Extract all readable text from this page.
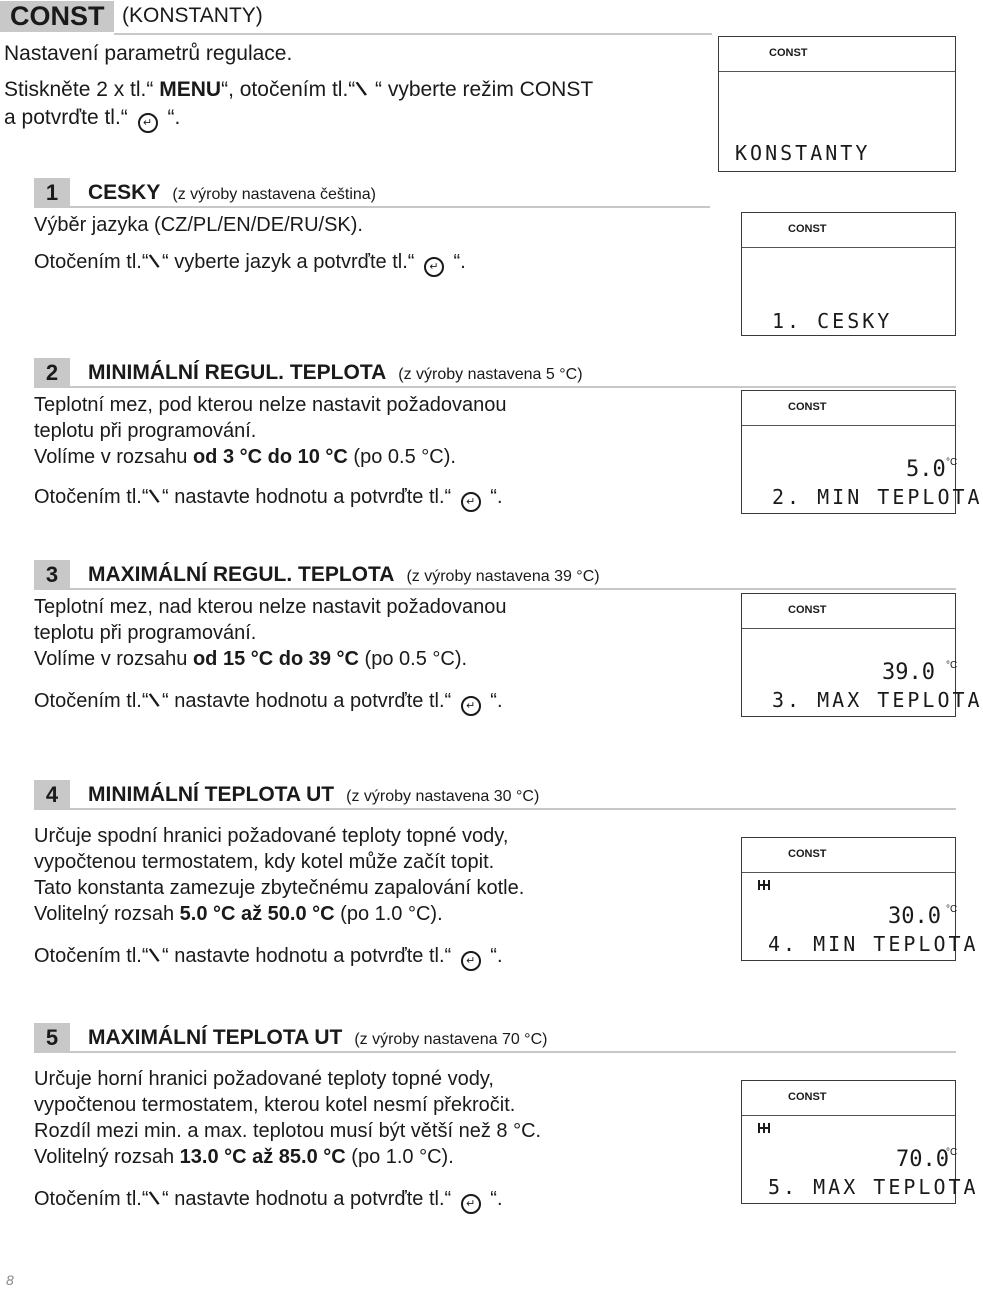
CONST (KONSTANTY)
Nastavení parametrů regulace.
Stiskněte 2 x tl.“ MENU“, otočením tl.“\ “ vyberte režim CONST
a potvrďte tl.“ ↵ “.
1	CESKY (z výroby nastavena čeština)

Výběr jazyka (CZ/PL/EN/DE/RU/SK).

Otočením tl.“\“ vyberte jazyk a potvrďte tl.“ ↵ “.
2	MINIMÁLNÍ REGUL. TEPLOTA (z výroby nastavena 5 °C)

Teplotní mez, pod kterou nelze nastavit požadovanou

teplotu při programování.

Volíme v rozsahu od 3 °C do 10 °C (po 0.5 °C).

Otočením tl.“\“ nastavte hodnotu a potvrďte tl.“ ↵ “.
3	MAXIMÁLNÍ REGUL. TEPLOTA (z výroby nastavena 39 °C)

Teplotní mez, nad kterou nelze nastavit požadovanou

teplotu při programování.

Volíme v rozsahu od 15 °C do 39 °C (po 0.5 °C).

Otočením tl.“\“ nastavte hodnotu a potvrďte tl.“ ↵ “.
4	MINIMÁLNÍ TEPLOTA UT (z výroby nastavena 30 °C)

Určuje spodní hranici požadované teploty topné vody,

vypočtenou termostatem, kdy kotel může začít topit.

Tato konstanta zamezuje zbytečnému zapalování kotle.

Volitelný rozsah 5.0 °C až 50.0 °C (po 1.0 °C).

Otočením tl.“\“ nastavte hodnotu a potvrďte tl.“ ↵ “.
5	MAXIMÁLNÍ TEPLOTA UT (z výroby nastavena 70 °C)

Určuje horní hranici požadované teploty topné vody,

vypočtenou termostatem, kterou kotel nesmí překročit.

Rozdíl mezi min. a max. teplotou musí být větší než 8 °C.

Volitelný rozsah 13.0 °C až 85.0 °C (po 1.0 °C).

Otočením tl.“\“ nastavte hodnotu a potvrďte tl.“ ↵ “.
CONST
KONSTANTY
CONST
1. CESKY
CONST
5.0 °C
2. MIN TEPLOTA
CONST
39.0 °C
3. MAX TEPLOTA
CONST
30.0 °C
4. MIN TEPLOTA
CONST
70.0
°C
5. MAX TEPLOTA
8
